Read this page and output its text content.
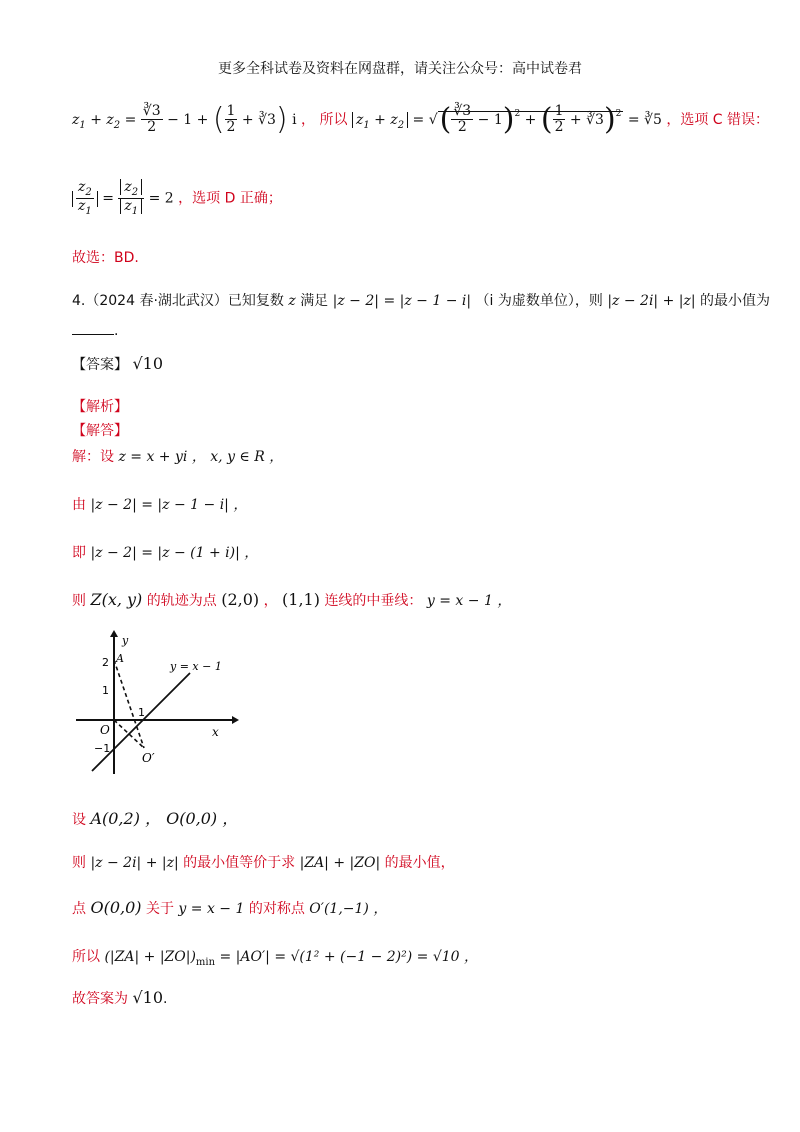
更多全科试卷及资料在网盘群，请关注公众号：高中试卷君
$z_1 + z_2 = \frac{∛3}{2} - 1$ + ( $\frac{1}{2}$ + ∛3) i ， 所以 $z_1 + z_2$ = √( $\frac{∛3}{2} - 1)^2$ + ( $\frac{1}{2}$ + ∛3)$^2$ = ∛5 ，选项 C 错误：
$\frac{z_2}{z_1} = \frac{z_2}{z_1} = 2$ ，选项 D 正确；
故选：BD.
4.（2024 春·湖北武汉）已知复数 z 满足 |z − 2| = |z − 1 − i| （i 为虚数单位），则 |z − 2i| + |z| 的最小值为
.
【答案】 √10
【解析】
【解答】
解：设 z = x + yi ， x, y ∈ R ，
由 |z − 2| = |z − 1 − i| ，
即 |z − 2| = |z − (1 + i)| ，
则 Z(x, y) 的轨迹为点 (2,0) ， (1,1) 连线的中垂线： y = x − 1 ，
y
x
2 A
1
O
−1
1
O′
y = x − 1
设 A(0,2) ， O(0,0) ，
则 |z − 2i| + |z| 的最小值等价于求 |ZA| + |ZO| 的最小值，
点 O(0,0) 关于 y = x − 1 的对称点 O′(1,−1) ，
所以 $(|ZA| + |ZO|)_{min} = |AO'| = √(1^2 + (-1 - 2)^2) = √10$ ，
故答案为 √10.
